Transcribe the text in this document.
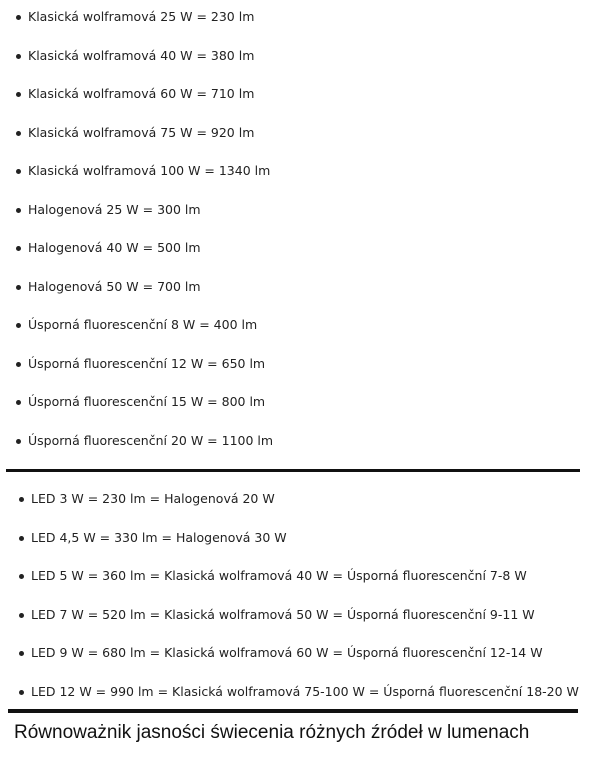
Klasická wolframová 25 W = 230 lm
Klasická wolframová 40 W = 380 lm
Klasická wolframová 60 W = 710 lm
Klasická wolframová 75 W = 920 lm
Klasická wolframová 100 W = 1340 lm
Halogenová 25 W = 300 lm
Halogenová 40 W = 500 lm
Halogenová 50 W = 700 lm
Úsporná fluorescenční 8 W = 400 lm
Úsporná fluorescenční 12 W = 650 lm
Úsporná fluorescenční 15 W = 800 lm
Úsporná fluorescenční 20 W = 1100 lm
LED 3 W = 230 lm = Halogenová 20 W
LED 4,5 W = 330 lm = Halogenová 30 W
LED 5 W = 360 lm = Klasická wolframová 40 W = Úsporná fluorescenční 7-8 W
LED 7 W = 520 lm = Klasická wolframová 50 W = Úsporná fluorescenční 9-11 W
LED 9 W = 680 lm = Klasická wolframová 60 W = Úsporná fluorescenční 12-14 W
LED 12 W = 990 lm = Klasická wolframová 75-100 W = Úsporná fluorescenční 18-20 W
Równoważnik jasności świecenia różnych źródeł w lumenach
